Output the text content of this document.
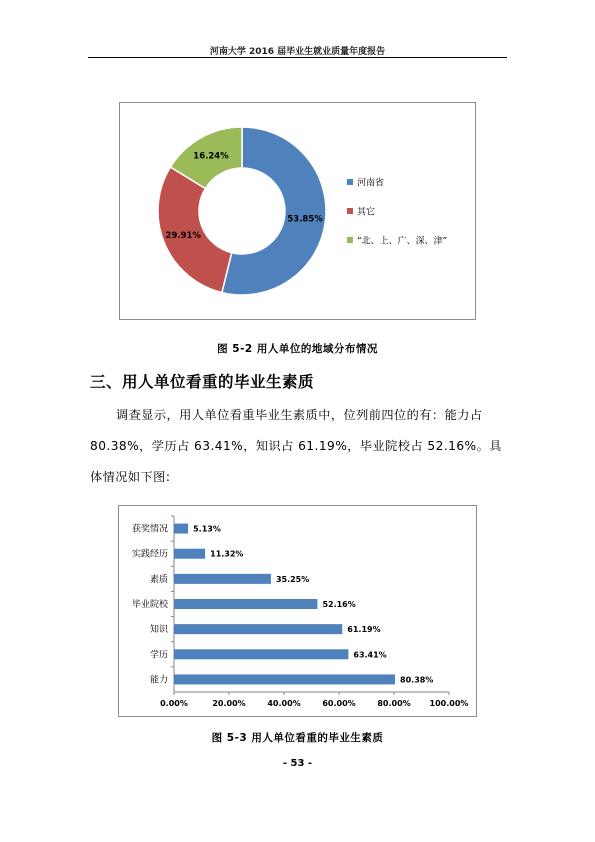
河南大学 2016 届毕业生就业质量年度报告
53.85%
29.91%
16.24%
河南省
其它
“北、上、广、深、津”
图 5-2 用人单位的地域分布情况
三、用人单位看重的毕业生素质
调查显示，用人单位看重毕业生素质中，位列前四位的有：能力占 80.38%，学历占 63.41%，知识占 61.19%，毕业院校占 52.16%。具体情况如下图:
0.00%	20.00%	40.00%	60.00%	80.00% 100.00%
获奖情况	5.13%
实践经历	11.32%
素质	35.25%
毕业院校	52.16%
知识	61.19%
学历	63.41%
能力	80.38%
图 5-3 用人单位看重的毕业生素质
- 53 -
